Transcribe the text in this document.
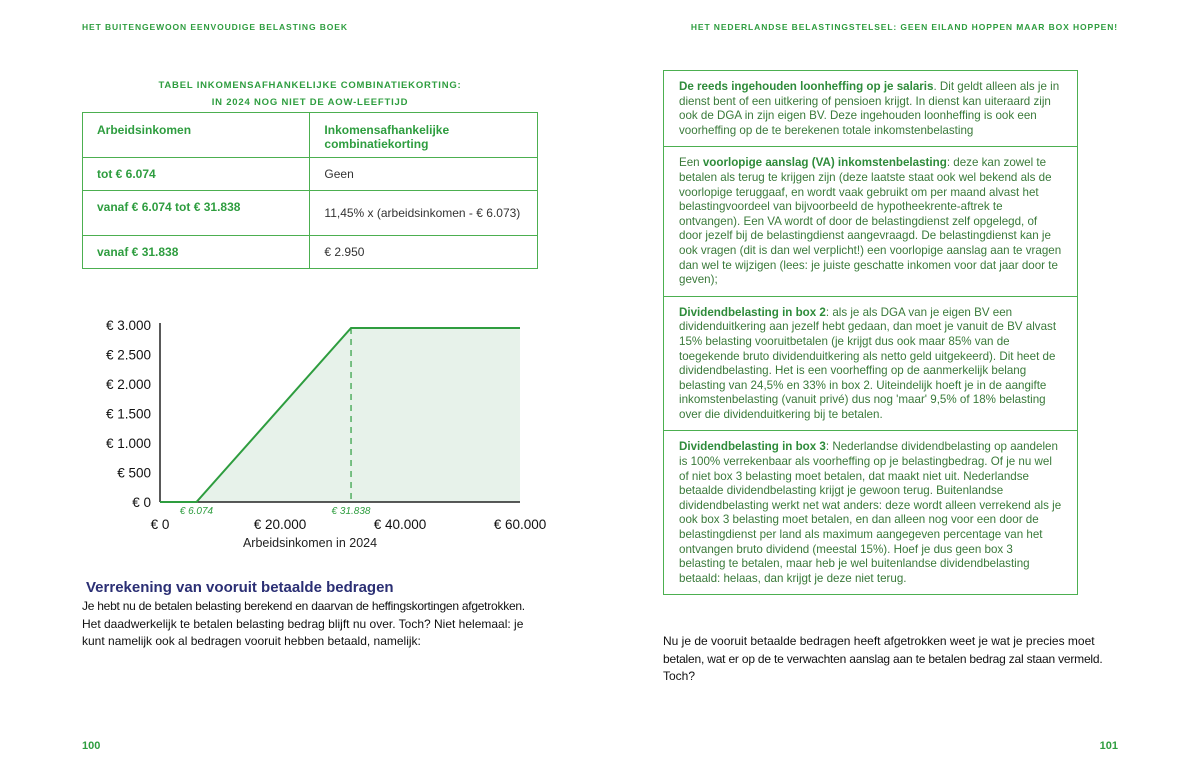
HET BUITENGEWOON EENVOUDIGE BELASTING BOEK	HET NEDERLANDSE BELASTINGSTELSEL: GEEN EILAND HOPPEN MAAR BOX HOPPEN!
TABEL INKOMENSAFHANKELIJKE COMBINATIEKORTING:
IN 2024 NOG NIET DE AOW-LEEFTIJD
Arbeidsinkomen	Inkomensafhankelijke combinatiekorting
tot € 6.074	Geen
vanaf € 6.074 tot € 31.838	11,45% x (arbeidsinkomen - € 6.073)
vanaf € 31.838	€ 2.950
€ 0
€ 500
€ 1.000
€ 1.500
€ 2.000
€ 2.500
€ 3.000
€ 0	€ 20.000	€ 40.000	€ 60.000
€ 6.074	€ 31.838
Arbeidsinkomen in 2024
Verrekening van vooruit betaalde bedragen
Je hebt nu de betalen belasting berekend en daarvan de heffingskortingen afgetrokken.
Het daadwerkelijk te betalen belasting bedrag blijft nu over. Toch? Niet helemaal: je
kunt namelijk ook al bedragen vooruit hebben betaald, namelijk:
De reeds ingehouden loonheffing op je salaris. Dit geldt alleen als je in dienst bent of een uitkering of pensioen krijgt. In dienst kan uiteraard zijn ook de DGA in zijn eigen BV. Deze ingehouden loonheffing is ook een voorheffing op de te berekenen totale inkomstenbelasting
Een voorlopige aanslag (VA) inkomstenbelasting: deze kan zowel te betalen als terug te krijgen zijn (deze laatste staat ook wel bekend als de voorlopige teruggaaf, en wordt vaak gebruikt om per maand alvast het belastingvoordeel van bijvoorbeeld de hypotheekrente-aftrek te ontvangen). Een VA wordt of door de belastingdienst zelf opgelegd, of door jezelf bij de belastingdienst aangevraagd. De belastingdienst kan je ook vragen (dit is dan wel verplicht!) een voorlopige aanslag aan te vragen dan wel te wijzigen (lees: je juiste geschatte inkomen voor dat jaar door te geven);
Dividendbelasting in box 2: als je als DGA van je eigen BV een dividenduitkering aan jezelf hebt gedaan, dan moet je vanuit de BV alvast 15% belasting vooruitbetalen (je krijgt dus ook maar 85% van de toegekende bruto dividenduitkering als netto geld uitgekeerd). Dit heet de dividendbelasting. Het is een voorheffing op de aanmerkelijk belang belasting van 24,5% en 33% in box 2. Uiteindelijk hoeft je in de aangifte inkomstenbelasting (vanuit privé) dus nog 'maar' 9,5% of 18% belasting over die dividenduitkering bij te betalen.
Dividendbelasting in box 3: Nederlandse dividendbelasting op aandelen is 100% verrekenbaar als voorheffing op je belastingbedrag. Of je nu wel of niet box 3 belasting moet betalen, dat maakt niet uit. Nederlandse betaalde dividendbelasting krijgt je gewoon terug. Buitenlandse dividendbelasting werkt net wat anders: deze wordt alleen verrekend als je ook box 3 belasting moet betalen, en dan alleen nog voor een door de belastingdienst per land als maximum aangegeven percentage van het ontvangen bruto dividend (meestal 15%). Hoef je dus geen box 3 belasting te betalen, maar heb je wel buitenlandse dividendbelasting betaald: helaas, dan krijgt je deze niet terug.
Nu je de vooruit betaalde bedragen heeft afgetrokken weet je wat je precies moet
betalen, wat er op de te verwachten aanslag aan te betalen bedrag zal staan vermeld.
Toch?
100	101
